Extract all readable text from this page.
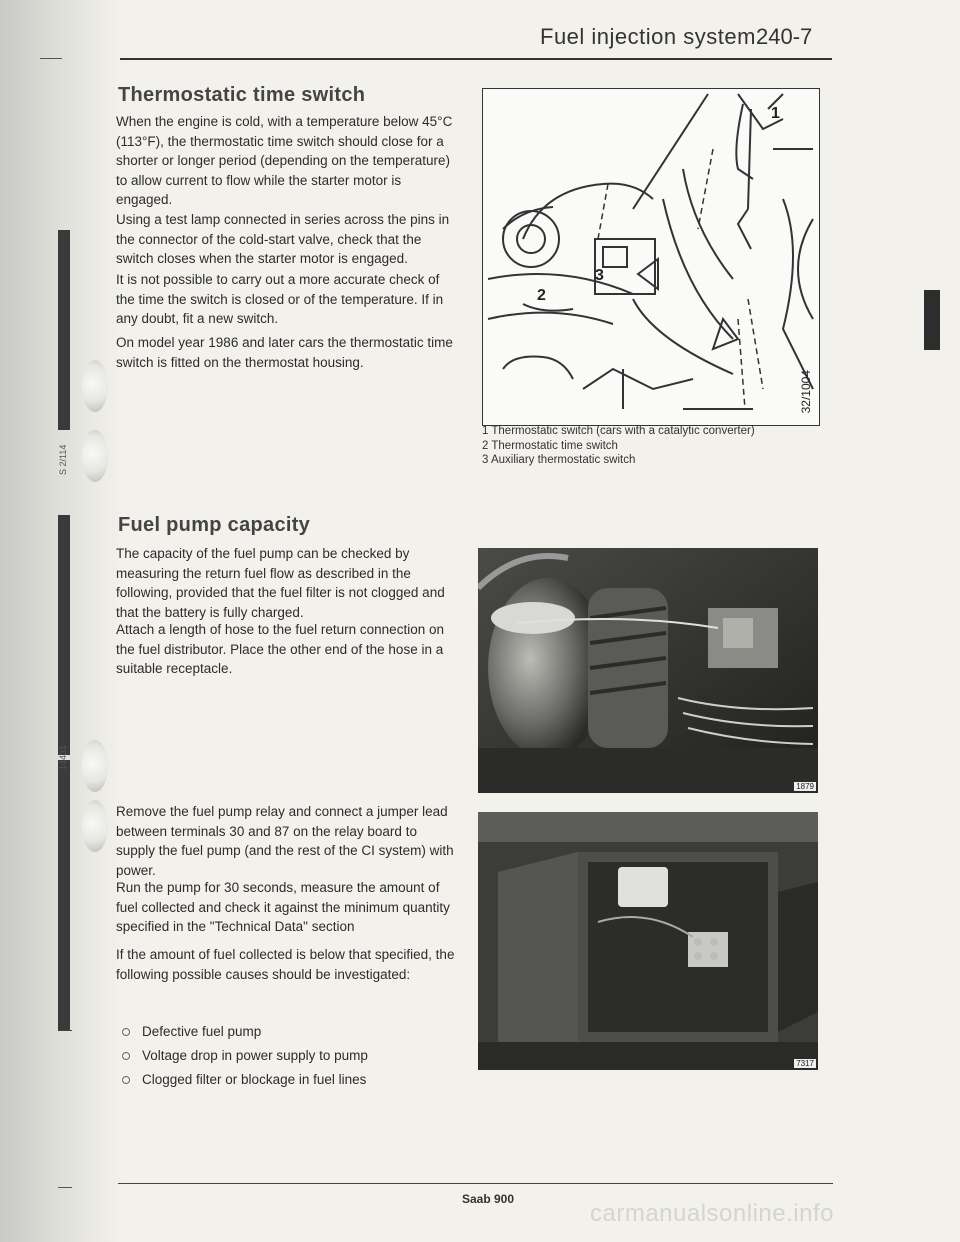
S 2/114
14431
Fuel injection system 240-7
Thermostatic time switch

When the engine is cold, with a temperature below 45°C (113°F), the thermostatic time switch should close for a shorter or longer period (depending on the temperature) to allow current to flow while the starter motor is engaged.

Using a test lamp connected in series across the pins in the connector of the cold-start valve, check that the switch closes when the starter motor is engaged.

It is not possible to carry out a more accurate check of the time the switch is closed or of the temperature. If in any doubt, fit a new switch.

On model year 1986 and later cars the thermostatic time switch is fitted on the thermostat housing.

Fuel pump capacity

The capacity of the fuel pump can be checked by measuring the return fuel flow as described in the following, provided that the fuel filter is not clogged and that the battery is fully charged.

Attach a length of hose to the fuel return connection on the fuel distributor. Place the other end of the hose in a suitable receptacle.

Remove the fuel pump relay and connect a jumper lead between terminals 30 and 87 on the relay board to supply the fuel pump (and the rest of the CI system) with power.

Run the pump for 30 seconds, measure the amount of fuel collected and check it against the minimum quantity specified in the "Technical Data" section

If the amount of fuel collected is below that specified, the following possible causes should be investigated:

Defective fuel pump
Voltage drop in power supply to pump
Clogged filter or blockage in fuel lines
1
2
3
32/1004
1 Thermostatic switch (cars with a catalytic converter)
2 Thermostatic time switch
3 Auxiliary thermostatic switch
1879
7317
Saab 900
carmanualsonline.info
